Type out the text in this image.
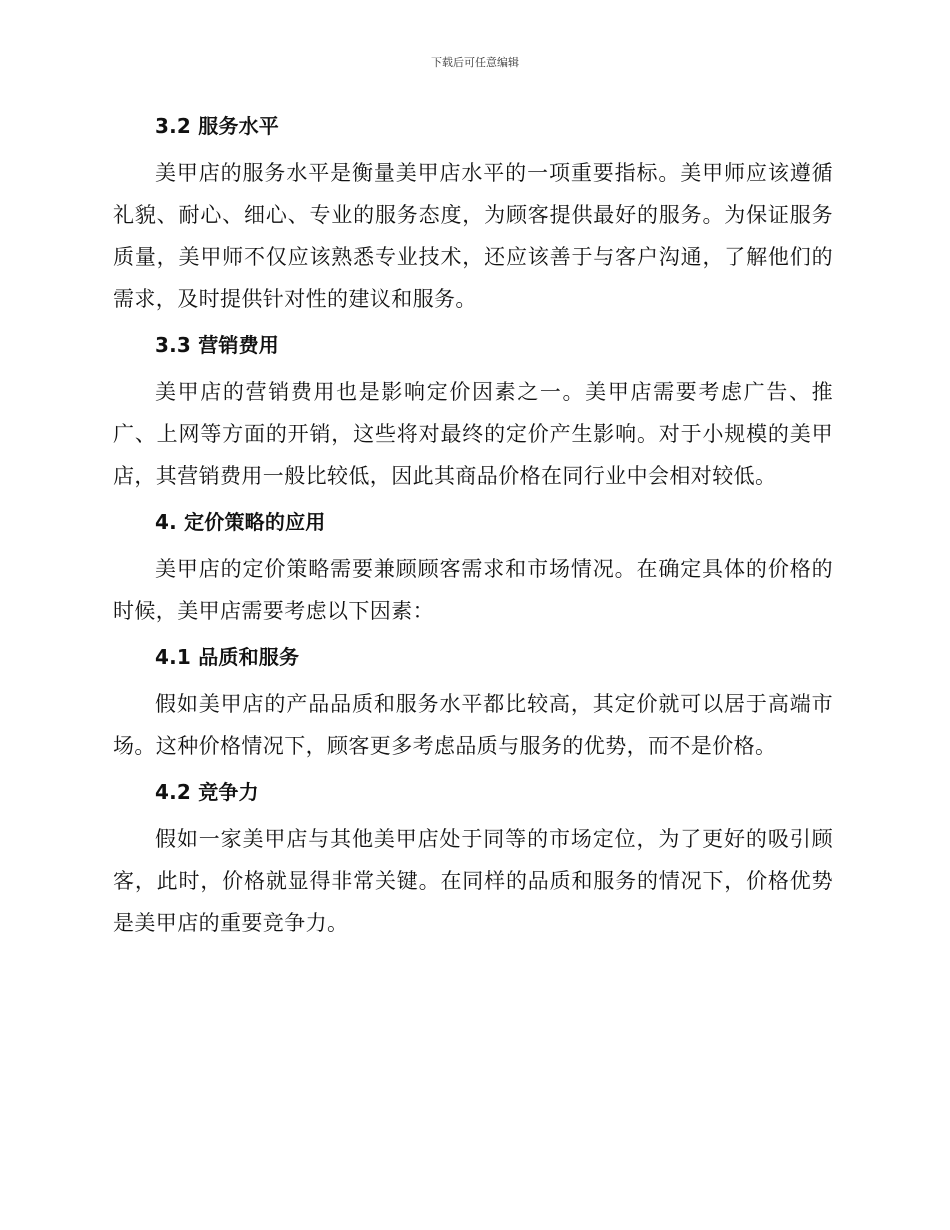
下载后可任意编辑
3.2 服务水平

美甲店的服务水平是衡量美甲店水平的一项重要指标。美甲师应该遵循礼貌、耐心、细心、专业的服务态度，为顾客提供最好的服务。为保证服务质量，美甲师不仅应该熟悉专业技术，还应该善于与客户沟通，了解他们的需求，及时提供针对性的建议和服务。

3.3 营销费用

美甲店的营销费用也是影响定价因素之一。美甲店需要考虑广告、推广、上网等方面的开销，这些将对最终的定价产生影响。对于小规模的美甲店，其营销费用一般比较低，因此其商品价格在同行业中会相对较低。

4. 定价策略的应用

美甲店的定价策略需要兼顾顾客需求和市场情况。在确定具体的价格的时候，美甲店需要考虑以下因素：

4.1 品质和服务

假如美甲店的产品品质和服务水平都比较高，其定价就可以居于高端市场。这种价格情况下，顾客更多考虑品质与服务的优势，而不是价格。

4.2 竞争力

假如一家美甲店与其他美甲店处于同等的市场定位，为了更好的吸引顾客，此时，价格就显得非常关键。在同样的品质和服务的情况下，价格优势是美甲店的重要竞争力。
